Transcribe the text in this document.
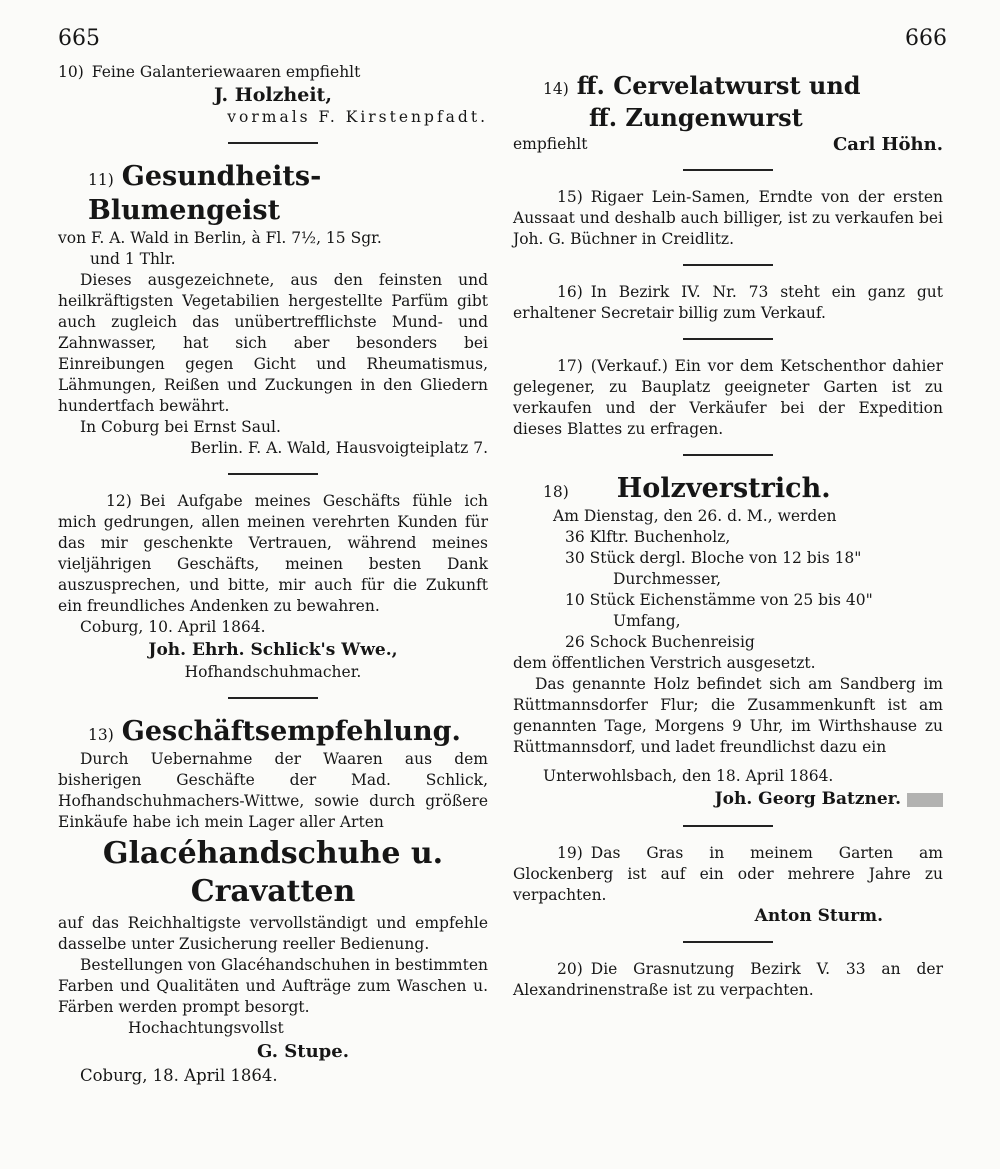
665	666

10) Feine Galanteriewaaren empfiehlt

J. Holzheit,

vormals F. Kirstenpfadt.

11) Gesundheits-Blumengeist

von F. A. Wald in Berlin, à Fl. 7½, 15 Sgr.

und 1 Thlr.

Dieses ausgezeichnete, aus den feinsten und heilkräftigsten Vegetabilien hergestellte Parfüm gibt auch zugleich das unübertrefflichste Mund- und Zahnwasser, hat sich aber besonders bei Einreibungen gegen Gicht und Rheumatismus, Lähmungen, Reißen und Zuckungen in den Gliedern hundertfach bewährt.

In Coburg bei Ernst Saul.

Berlin. F. A. Wald, Hausvoigteiplatz 7.

12) Bei Aufgabe meines Geschäfts fühle ich mich gedrungen, allen meinen verehrten Kunden für das mir geschenkte Vertrauen, während meines vieljährigen Geschäfts, meinen besten Dank auszusprechen, und bitte, mir auch für die Zukunft ein freundliches Andenken zu bewahren.

Coburg, 10. April 1864.

Joh. Ehrh. Schlick's Wwe.,

Hofhandschuhmacher.

13) Geschäftsempfehlung.

Durch Uebernahme der Waaren aus dem bisherigen Geschäfte der Mad. Schlick, Hofhandschuhmachers-Wittwe, sowie durch größere Einkäufe habe ich mein Lager aller Arten

Glacéhandschuhe u. Cravatten

auf das Reichhaltigste vervollständigt und empfehle dasselbe unter Zusicherung reeller Bedienung.

Bestellungen von Glacéhandschuhen in bestimmten Farben und Qualitäten und Aufträge zum Waschen u. Färben werden prompt besorgt.

Hochachtungsvollst

G. Stupe.

Coburg, 18. April 1864.

14) ff. Cervelatwurst und

ff. Zungenwurst

empfiehlt	Carl Höhn.

15) Rigaer Lein-Samen, Erndte von der ersten Aussaat und deshalb auch billiger, ist zu verkaufen bei Joh. G. Büchner in Creidlitz.

16) In Bezirk IV. Nr. 73 steht ein ganz gut erhaltener Secretair billig zum Verkauf.

17) (Verkauf.) Ein vor dem Ketschenthor dahier gelegener, zu Bauplatz geeigneter Garten ist zu verkaufen und der Verkäufer bei der Expedition dieses Blattes zu erfragen.

18) Holzverstrich.

Am Dienstag, den 26. d. M., werden

36 Klftr. Buchenholz,

30 Stück dergl. Bloche von 12 bis 18"

Durchmesser,

10 Stück Eichenstämme von 25 bis 40"

Umfang,

26 Schock Buchenreisig

dem öffentlichen Verstrich ausgesetzt.

Das genannte Holz befindet sich am Sandberg im Rüttmannsdorfer Flur; die Zusammenkunft ist am genannten Tage, Morgens 9 Uhr, im Wirthshause zu Rüttmannsdorf, und ladet freundlichst dazu ein

Unterwohlsbach, den 18. April 1864.

Joh. Georg Batzner.

19) Das Gras in meinem Garten am Glockenberg ist auf ein oder mehrere Jahre zu verpachten.

Anton Sturm.

20) Die Grasnutzung Bezirk V. 33 an der Alexandrinenstraße ist zu verpachten.
